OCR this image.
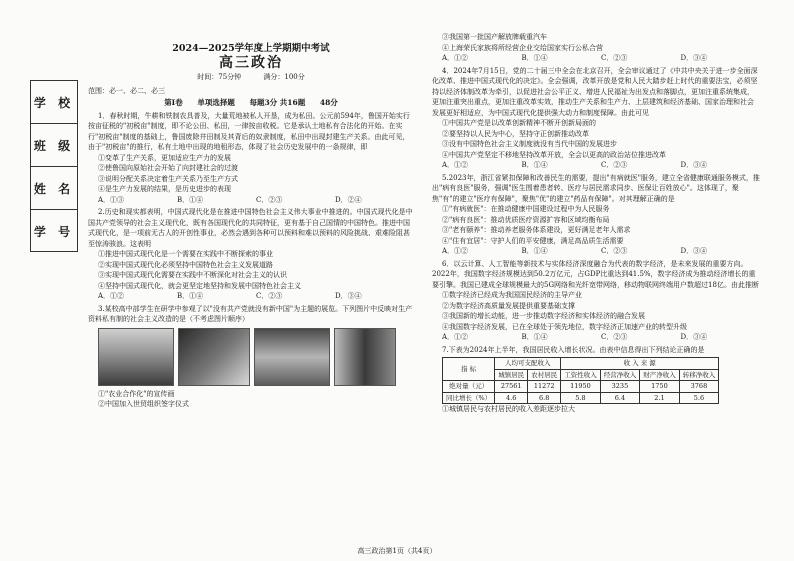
学 校
班 级
姓 名
学 号
2024—2025学年度上学期期中考试
高三政治
时间：75分钟	满分：100分
范围：必一、必二、必三
第Ⅰ卷 单项选择题 每题3分 共16题 48分

1．春秋时期，牛耕和铁制农具普及，大量荒地被私人开垦，成为私田。公元前594年，鲁国开始实行按亩征税的"初税亩"制度，即不论公田、私田，一律按亩收税。它是承认土地私有合法化的开始。在实行"初税亩"制度的基础上，鲁国废除井田制及其背后的奴隶制度，私田中出现封建生产关系。由此可见，由于"初税亩"的推行，私有土地中出现的地租形态，体现了社会历史发展中的一条规律，即

①变革了生产关系，更加适应生产力的发展

②使鲁国向原始社会开始了向封建社会的过渡

③说明分配关系决定着生产关系乃至生产方式

④是生产力发展的结果，是历史进步的表现

A．①③	B．①④	C．②③	D．②④

2.历史和现实都表明，中国式现代化是在推进中国特色社会主义伟大事业中推进的。中国式现代化是中国共产党领导的社会主义现代化，既有各国现代化的共同特征，更有基于自己国情的中国特色。推进中国式现代化，是一项前无古人的开创性事业，必然会遇到各种可以预料和难以预料的风险挑战、艰难险阻甚至惊涛骇浪。这表明

①推进中国式现代化是一个需要在实践中不断探索的事业

②实现中国式现代化必须坚持中国特色社会主义发展道路

③实现中国式现代化需要在实践中不断深化对社会主义的认识

④坚持中国式现代化，就会更坚定地坚持和发展中国特色社会主义

A．①②	B．①④	C．②③	D．③④

3.某校高中部学生在研学中参观了以"没有共产党就没有新中国"为主题的展览。下列图片中反映对生产资料私有制的社会主义改造的是（不考虑图片顺序）

①"农业合作化"的宣传画

②中国加入世贸组织签字仪式

③我国第一批国产解放牌载重汽车

④上海荣氏家族将所经营企业交给国家实行公私合营

A．①②	B．①④	C．②③	D．③④

4．2024年7月15日，党的二十届三中全会在北京召开，全会审议通过了《中共中央关于进一步全面深化改革、推进中国式现代化的决定》。全会强调，改革开放是党和人民大踏步赶上时代的重要法宝，必须坚持以经济体制改革为牵引，以促进社会公平正义、增进人民福祉为出发点和落脚点，更加注重系统集成，更加注重突出重点，更加注重改革实效，推动生产关系和生产力、上层建筑和经济基础、国家治理和社会发展更好相适应，为中国式现代化提供强大动力和制度保障。由此可见

①中国共产党是以改革创新精神不断开创新局面的

②要坚持以人民为中心，坚持守正创新推动改革

③没有中国特色社会主义制度就没有当代中国的发展进步

④中国共产党坚定不移地坚持改革开放，全会以更高的政治站位推进改革

A．①②	B．①④	C．②③	D．③④

5.2023年，浙江省紧扣保障和改善民生的需要，提出"有病就医"服务，建立全省健康联通服务模式，推出"病有良医"服务，强调"医生围着患者转、医疗与居民需求同步、医保让百姓放心"。这体现了，聚焦"有"的建立"医疗有保障"，聚焦"优"的建立"药品有保障"。对其理解正确的是

①"有病就医"：在推动健康中国建设过程中为人民服务

②"病有良医"：推动优质医疗资源扩容和区域均衡布局

③"老有颐养"：推动养老服务体系建设，更好满足老年人需求

④"住有宜居"：守护人们的平安健康，满足高品质生活需要

A．①②	B．①④	C．②③	D．③④

6．以云计算、人工智能等新技术与实体经济深度融合为代表的数字经济，是未来发展的重要方向。2022年，我国数字经济规模达到50.2万亿元，占GDP比重达到41.5%，数字经济成为推动经济增长的重要引擎。我国已建成全球规模最大的5G网络和光纤宽带网络，移动物联网终端用户数超过18亿。由此推断

①数字经济已经成为我国国民经济的主导产业

②为数字经济高质量发展提供重要基础支撑

③我国新的增长动能，进一步推动数字经济和实体经济的融合发展

④我国数字经济发展，已在全球处于领先地位，数字经济正加速产业的转型升级

A．①②	B．①④	C．②③	D．③④

7.下表为2024年上半年，我国居民收入增长状况。由表中信息得出下列结论正确的是

指 标	人均可支配收入		收 入 来 源			
	城镇居民	农村居民	工资性收入	经营净收入	财产净收入	转移净收入
绝对量（元）	27561	11272	11950	3235	1750	3768
同比增长（%）	4.6	6.8	5.8	6.4	2.1	5.6

①城镇居民与农村居民的收入差距逐步拉大

高三政治第1页（共4页）
